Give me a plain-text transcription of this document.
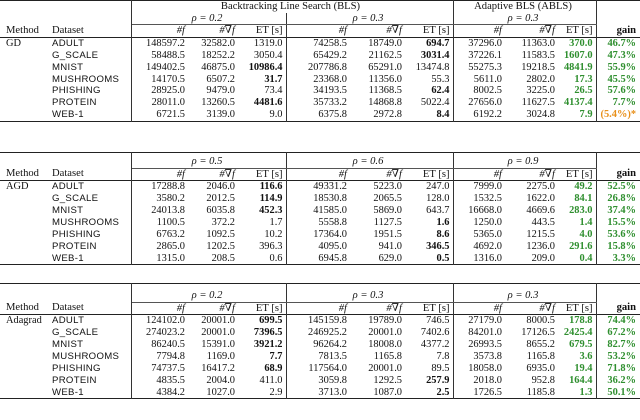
		Backtracking Line Search (BLS)						Adaptive BLS (ABLS)			
		ρ = 0.2			ρ = 0.3			ρ = 0.3			
Method	Dataset	#f	#∇f	ET [s]	#f	#∇f	ET [s]	#f	#∇f	ET [s]	gain
GD	ADULT	148597.2	32582.0	1319.0	74258.5	18749.0	694.7	37296.0	11363.0	370.0	46.7%
	G_SCALE	58488.5	18252.2	3050.4	65429.2	21162.5	3031.4	37226.1	11583.5	1607.0	47.3%
	MNIST	149402.5	46875.0	10986.4	207786.8	65291.0	13474.8	55275.3	19218.5	4841.9	55.9%
	MUSHROOMS	14170.5	6507.2	31.7	23368.0	11356.0	55.3	5611.0	2802.0	17.3	45.5%
	PHISHING	28925.0	9479.0	73.4	34193.5	11368.5	62.4	8002.5	3225.0	26.5	57.6%
	PROTEIN	28011.0	13260.5	4481.6	35733.2	14868.8	5022.4	27656.0	11627.5	4137.4	7.7%
	WEB-1	6721.5	3139.0	9.0	6375.8	2972.8	8.4	6192.2	3024.8	7.9	(5.4%)*
		ρ = 0.5			ρ = 0.6			ρ = 0.9			
Method	Dataset	#f	#∇f	ET [s]	#f	#∇f	ET [s]	#f	#∇f	ET [s]	gain
AGD	ADULT	17288.8	2046.0	116.6	49331.2	5223.0	247.0	7999.0	2275.0	49.2	52.5%
	G_SCALE	3580.2	2012.5	114.9	18530.8	2065.5	128.0	1532.5	1622.0	84.1	26.8%
	MNIST	24013.8	6035.8	452.3	41585.0	5869.0	643.7	16668.0	4669.6	283.0	37.4%
	MUSHROOMS	1100.5	372.2	1.7	5558.8	1127.5	1.6	1250.0	443.5	1.4	15.5%
	PHISHING	6763.2	1092.5	10.2	17364.0	1951.5	8.6	5365.0	1215.5	4.0	53.6%
	PROTEIN	2865.0	1202.5	396.3	4095.0	941.0	346.5	4692.0	1236.0	291.6	15.8%
	WEB-1	1315.0	208.5	0.6	6945.8	629.0	0.5	1316.0	209.0	0.4	3.3%
		ρ = 0.2			ρ = 0.3			ρ = 0.3			
Method	Dataset	#f	#∇f	ET [s]	#f	#∇f	ET [s]	#f	#∇f	ET [s]	gain
Adagrad	ADULT	124102.0	20001.0	699.5	145159.8	19789.0	746.5	27179.0	8000.5	178.8	74.4%
	G_SCALE	274023.2	20001.0	7396.5	246925.2	20001.0	7402.6	84201.0	17126.5	2425.4	67.2%
	MNIST	86240.5	15391.0	3921.2	96264.2	18008.0	4377.2	26993.5	8655.2	679.5	82.7%
	MUSHROOMS	7794.8	1169.0	7.7	7813.5	1165.8	7.8	3573.8	1165.8	3.6	53.2%
	PHISHING	74737.5	16417.2	68.9	117564.0	20001.0	89.5	18058.0	6935.0	19.4	71.8%
	PROTEIN	4835.5	2004.0	411.0	3059.8	1292.5	257.9	2018.0	952.8	164.4	36.2%
	WEB-1	4384.2	1027.0	2.9	3713.0	1087.0	2.5	1726.5	1185.8	1.3	50.1%
